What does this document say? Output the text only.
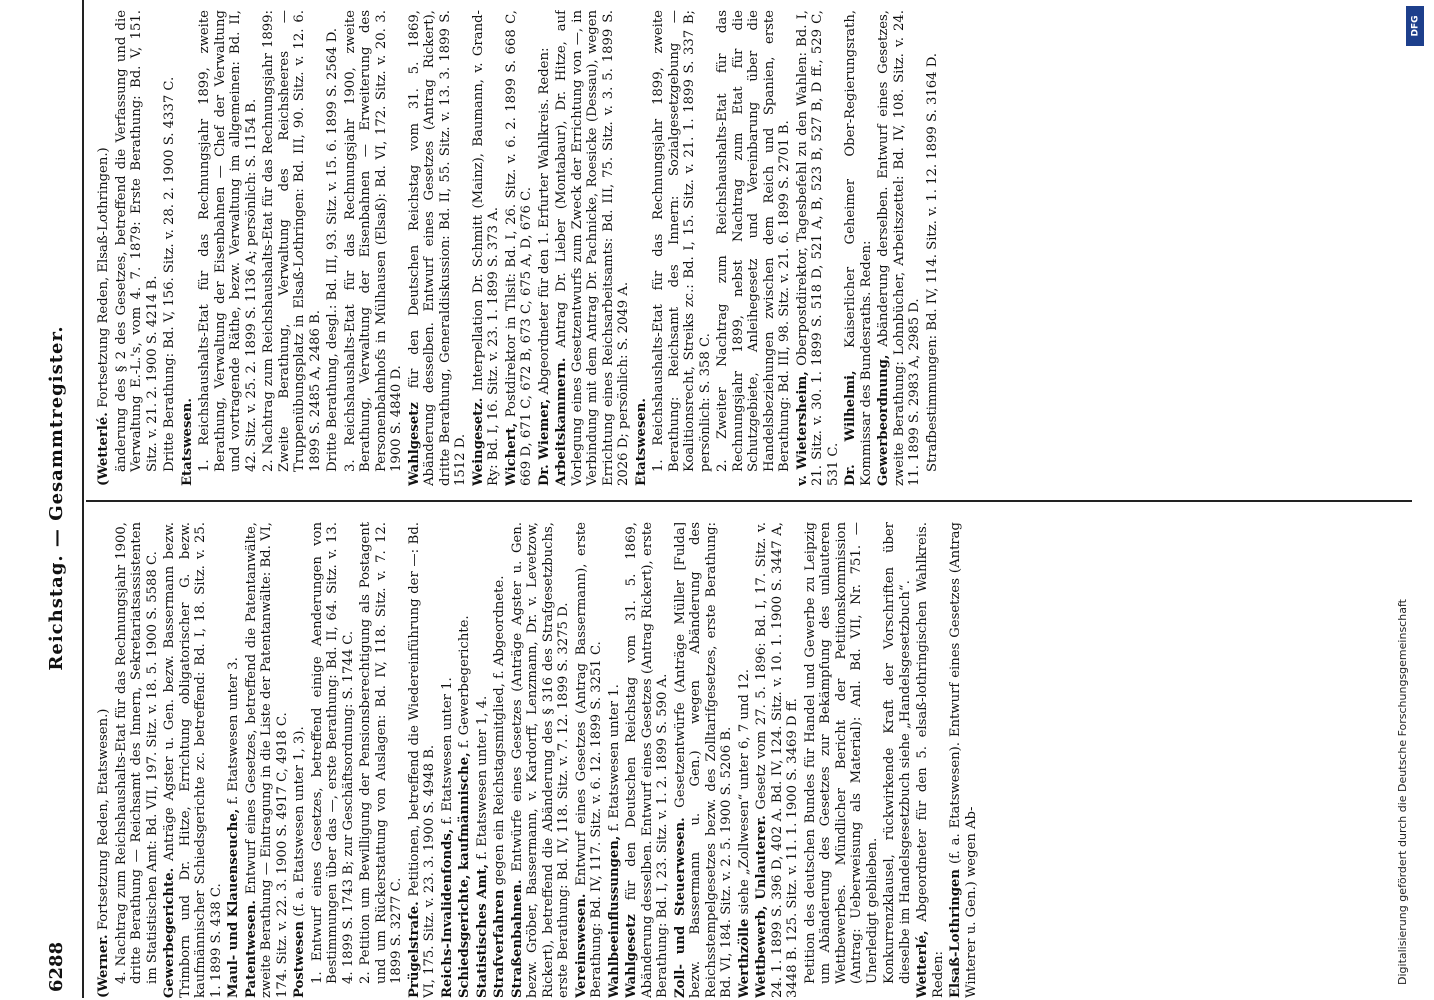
6288
Reichstag. — Gesammtregister.
(Werner. Fortsetzung Reden, Etatswesen.) 4. Nachtrag zum Reichshaushalts-Etat für das Rechnungsjahr 1900, dritte Berathung — Reichsamt des Innern, Sekretariatsassistenten im Statistischen Amt: Bd. VII, 197. Sitz. v. 18. 5. 1900 S. 5588 C. Gewerbegerichte. Anträge Agster u. Gen. bezw. Bassermann bezw. Trimborn und Dr. Hitze, Errichtung obligatorischer G. bezw. kaufmännischer Schiedsgerichte zc. betreffend: Bd. I, 18. Sitz. v. 25. 1. 1899 S. 438 C. Maul- und Klauenseuche, f. Etatswesen unter 3.
Patentwesen. Entwurf eines Gesetzes, betreffend die Patentanwälte, zweite Berathung — Eintragung in die Liste der Patentanwälte: Bd. VI, 174. Sitz. v. 22. 3. 1900 S. 4917 C, 4918 C. Postwesen (f. a. Etatswesen unter 1, 3). 1. Entwurf eines Gesetzes, betreffend einige Aenderungen von Bestimmungen über das —, erste Berathung: Bd. II, 64. Sitz. v. 13. 4. 1899 S. 1743 B; zur Geschäftsordnung: S. 1744 C. 2. Petition um Bewilligung der Pensionsberechtigung als Postagent und um Rückerstattung von Auslagen: Bd. IV, 118. Sitz. v. 7. 12. 1899 S. 3277 C. Prügelstrafe. Petitionen, betreffend die Wiedereinführung der —: Bd. VI, 175. Sitz. v. 23. 3. 1900 S. 4948 B. Reichs-Invalidenfonds, f. Etatswesen unter 1.
Schiedsgerichte, kaufmännische, f. Gewerbegerichte.
Statistisches Amt, f. Etatswesen unter 1, 4.
Strafverfahren gegen ein Reichstagsmitglied, f. Abgeordnete.
Straßenbahnen. Entwürfe eines Gesetzes (Anträge Agster u. Gen. bezw. Gröber, Bassermann, v. Kardorff, Lenzmann, Dr. v. Levetzow, Rickert), betreffend die Abänderung des § 316 des Strafgesetzbuchs, erste Berathung: Bd. IV, 118. Sitz. v. 7. 12. 1899 S. 3275 D. Vereinswesen. Entwurf eines Gesetzes (Antrag Bassermann), erste Berathung: Bd. IV, 117. Sitz. v. 6. 12. 1899 S. 3251 C. Wahlbeeinflussungen, f. Etatswesen unter 1.
Wahlgesetz für den Deutschen Reichstag vom 31. 5. 1869, Abänderung desselben. Entwurf eines Gesetzes (Antrag Rickert), erste Berathung: Bd. I, 23. Sitz. v. 1. 2. 1899 S. 590 A. Zoll- und Steuerwesen. Gesetzentwürfe (Anträge Müller [Fulda] bezw. Bassermann u. Gen.) wegen Abänderung des Reichsstempelgesetzes bezw. des Zolltarifgesetzes, erste Berathung: Bd. VI, 184. Sitz. v. 2. 5. 1900 S. 5206 B. Werthzölle siehe „Zollwesen“ unter 6, 7 und 12. Wettbewerb, Unlauterer. Gesetz vom 27. 5. 1896: Bd. I, 17. Sitz. v. 24. 1. 1899 S. 396 D, 402 A. Bd. IV, 124. Sitz. v. 10. 1. 1900 S. 3447 A, 3448 B. 125. Sitz. v. 11. 1. 1900 S. 3469 D ff. Petition des deutschen Bundes für Handel und Gewerbe zu Leipzig um Abänderung des Gesetzes zur Bekämpfung des unlauteren Wettbewerbes. Mündlicher Bericht der Petitionskommission (Antrag: Ueberweisung als Material): Anl. Bd. VII, Nr. 751. — Unerledigt geblieben. Konkurrenzklausel, rückwirkende Kraft der Vorschriften über dieselbe im Handelsgesetzbuch siehe „Handelsgesetzbuch“. Wetterlé, Abgeordneter für den 5. elsaß-lothringischen Wahlkreis. Reden: Elsaß-Lothringen (f. a. Etatswesen). Entwurf eines Gesetzes (Antrag Winterer u. Gen.) wegen Ab-
(Wetterlé. Fortsetzung Reden, Elsaß-Lothringen.) änderung des § 2 des Gesetzes, betreffend die Verfassung und die Verwaltung E.-L.'s, vom 4. 7. 1879: Erste Berathung: Bd. V, 151. Sitz. v. 21. 2. 1900 S. 4214 B. Dritte Berathung: Bd. V, 156. Sitz. v. 28. 2. 1900 S. 4337 C. Etatswesen. 1. Reichshaushalts-Etat für das Rechnungsjahr 1899, zweite Berathung, Verwaltung der Eisenbahnen — Chef der Verwaltung und vortragende Räthe, bezw. Verwaltung im allgemeinen: Bd. II, 42. Sitz. v. 25. 2. 1899 S. 1136 A; persönlich: S. 1154 B. 2. Nachtrag zum Reichshaushalts-Etat für das Rechnungsjahr 1899: Zweite Berathung, Verwaltung des Reichsheeres — Truppenübungsplatz in Elsaß-Lothringen: Bd. III, 90. Sitz. v. 12. 6. 1899 S. 2485 A, 2486 B. Dritte Berathung, desgl.: Bd. III, 93. Sitz. v. 15. 6. 1899 S. 2564 D. 3. Reichshaushalts-Etat für das Rechnungsjahr 1900, zweite Berathung, Verwaltung der Eisenbahnen — Erweiterung des Personenbahnhofs in Mülhausen (Elsaß): Bd. VI, 172. Sitz. v. 20. 3. 1900 S. 4840 D. Wahlgesetz für den Deutschen Reichstag vom 31. 5. 1869, Abänderung desselben. Entwurf eines Gesetzes (Antrag Rickert), dritte Berathung, Generaldiskussion: Bd. II, 55. Sitz. v. 13. 3. 1899 S. 1512 D. Weingesetz. Interpellation Dr. Schmitt (Mainz), Baumann, v. Grand-Ry: Bd. I, 16. Sitz. v. 23. 1. 1899 S. 373 A. Wichert, Postdirektor in Tilsit: Bd. I, 26. Sitz. v. 6. 2. 1899 S. 668 C, 669 D, 671 C, 672 B, 673 C, 675 A, D, 676 C. Dr. Wiemer, Abgeordneter für den 1. Erfurter Wahlkreis. Reden:
Arbeitskammern. Antrag Dr. Lieber (Montabaur), Dr. Hitze, auf Vorlegung eines Gesetzentwurfs zum Zweck der Errichtung von —, in Verbindung mit dem Antrag Dr. Pachnicke, Roesicke (Dessau), wegen Errichtung eines Reichsarbeitsamts: Bd. III, 75. Sitz. v. 3. 5. 1899 S. 2026 D; persönlich: S. 2049 A. Etatswesen. 1. Reichshaushalts-Etat für das Rechnungsjahr 1899, zweite Berathung: Reichsamt des Innern: Sozialgesetzgebung — Koalitionsrecht, Streiks zc.: Bd. I, 15. Sitz. v. 21. 1. 1899 S. 337 B; persönlich: S. 358 C. 2. Zweiter Nachtrag zum Reichshaushalts-Etat für das Rechnungsjahr 1899, nebst Nachtrag zum Etat für die Schutzgebiete, Anleihegesetz und Vereinbarung über die Handelsbeziehungen zwischen dem Reich und Spanien, erste Berathung: Bd. III, 98. Sitz. v. 21. 6. 1899 S. 2701 B. v. Wietersheim, Oberpostdirektor, Tagesbefehl zu den Wahlen: Bd. I, 21. Sitz. v. 30. 1. 1899 S. 518 D, 521 A, B, 523 B, 527 B, D ff., 529 C, 531 C. Dr. Wilhelmi, Kaiserlicher Geheimer Ober-Regierungsrath, Kommissar des Bundesraths. Reden: Gewerbeordnung, Abänderung derselben. Entwurf eines Gesetzes, zweite Berathung: Lohnbücher, Arbeitszettel: Bd. IV, 108. Sitz. v. 24. 11. 1899 S. 2983 A, 2985 D. Strafbestimmungen: Bd. IV, 114. Sitz. v. 1. 12. 1899 S. 3164 D.
Digitalisierung gefördert durch die Deutsche Forschungsgemeinschaft
DFG
